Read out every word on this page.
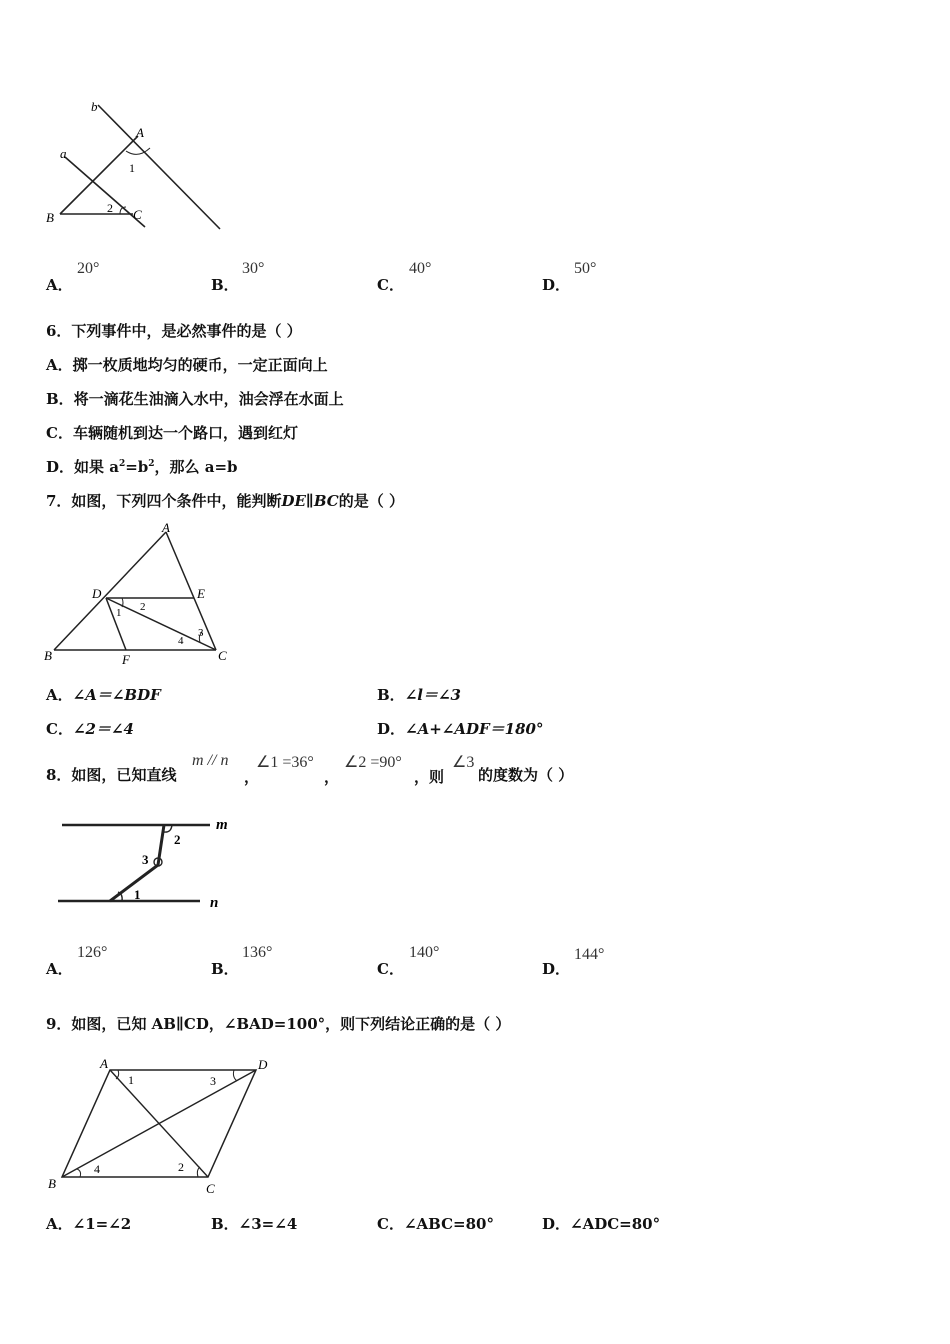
b
a
A
B	C
1
2
A．
20°
B．
30°
C．
40°
D．
50°
6．下列事件中，是必然事件的是（ ）
A．掷一枚质地均匀的硬币，一定正面向上
B．将一滴花生油滴入水中，油会浮在水面上
C．车辆随机到达一个路口，遇到红灯
D．如果 $a^2=b^2$，那么 a=b
7．如图，下列四个条件中，能判断DE∥BC的是（ ）
A
D	E
B	F	C
1 2
3
4
A．∠A＝∠BDF	B．∠l＝∠3
C．∠2＝∠4	D．∠A+∠ADF＝180°
8．如图，已知直线
m // n
，
∠1 =36°
，
∠2 =90°
，则
∠3
的度数为（ ）
m
n
1
2
3
A．
126°
B．
136°
C．
140°
D．
144°
9．如图，已知 AB∥CD，∠BAD=100°，则下列结论正确的是（ ）
A	D
B	C
1	3
2
4
A．∠1=∠2	B．∠3=∠4	C．∠ABC=80°	D．∠ADC=80°
